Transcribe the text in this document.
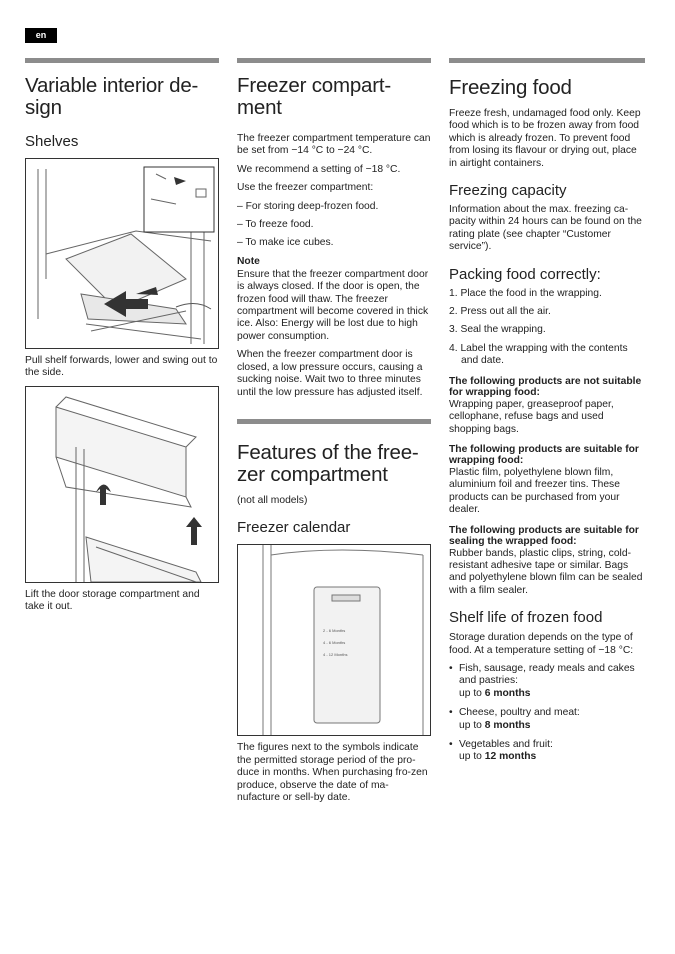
en
Variable interior de-sign
Shelves

Pull shelf forwards, lower and swing out to the side.

Lift the door storage compartment and take it out.

Freezer compart-ment

The freezer compartment temperature can be set from −14 °C to −24 °C.

We recommend a setting of −18 °C.

Use the freezer compartment:

– For storing deep-frozen food.
– To freeze food.
– To make ice cubes.
Note

Ensure that the freezer compartment door is always closed. If the door is open, the frozen food will thaw. The freezer compartment will become covered in thick ice. Also: Energy will be lost due to high power consumption.

When the freezer compartment door is closed, a low pressure occurs, causing a sucking noise. Wait two to three minutes until the low pressure has adjusted itself.

Features of the free-zer compartment

(not all models)

Freezer calendar
2 - 6 Months
4 - 6 Months
4 - 12 Months

The figures next to the symbols indicate the permitted storage period of the pro-duce in months. When purchasing fro-zen produce, observe the date of ma-nufacture or sell-by date.

Freezing food

Freeze fresh, undamaged food only. Keep food which is to be frozen away from food which is already frozen. To prevent food from losing its flavour or drying out, place in airtight containers.

Freezing capacity

Information about the max. freezing ca-pacity within 24 hours can be found on the rating plate (see chapter “Customer service”).

Packing food correctly:
1. Place the food in the wrapping.
2. Press out all the air.
3. Seal the wrapping.
4. Label the wrapping with the contents and date.

The following products are not suitable for wrapping food:

Wrapping paper, greaseproof paper, cellophane, refuse bags and used shopping bags.

The following products are suitable for wrapping food:

Plastic film, polyethylene blown film, aluminium foil and freezer tins. These products can be purchased from your dealer.

The following products are suitable for sealing the wrapped food:

Rubber bands, plastic clips, string, cold-resistant adhesive tape or similar. Bags and polyethylene blown film can be sealed with a film sealer.

Shelf life of frozen food

Storage duration depends on the type of food. At a temperature setting of −18 °C:

• Fish, sausage, ready meals and cakes and pastries:
up to 6 months
• Cheese, poultry and meat:
up to 8 months
• Vegetables and fruit:
up to 12 months
